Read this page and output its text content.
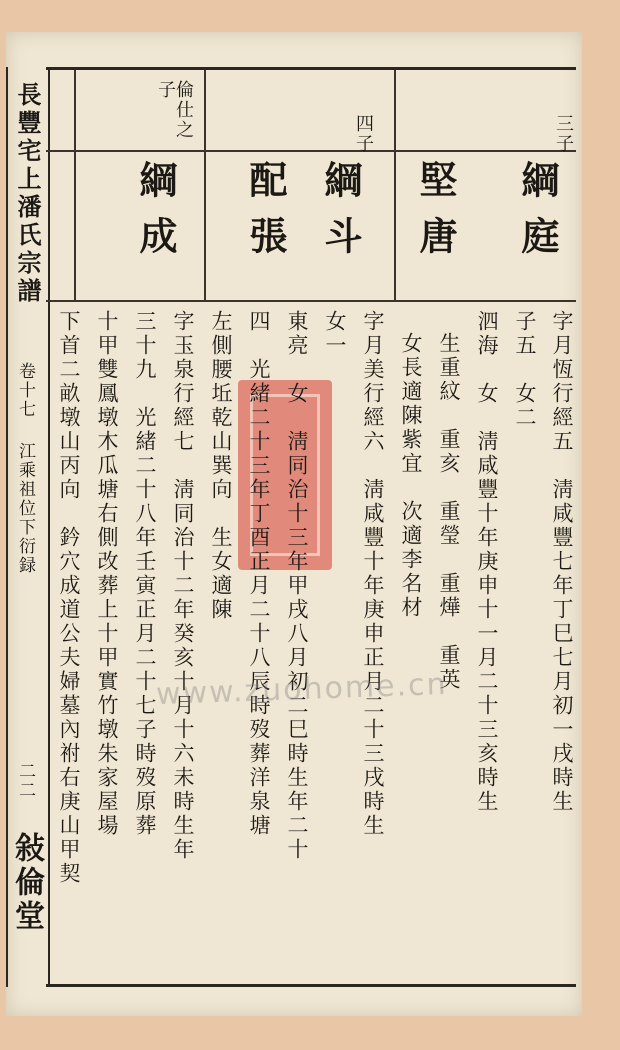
長豐宅上潘氏宗譜
卷十七
江乘祖位下衍録
二二
敍倫堂
三子
四子
倫仕之子
綱庭
堅唐
綱斗
配張
綱成
字月恆行經五　淸咸豐七年丁巳七月初一戌時生
子五　女二
泗海　女　淸咸豐十年庚申十一月二十三亥時生
生重紋　重亥　重瑩　重燁　重英
女長適陳紫宜　次適李名材
字月美行經六　淸咸豐十年庚申正月二十三戌時生
女一
東亮　女　淸同治十三年甲戌八月初二巳時生年二十
四　光緒二十三年丁酉正月二十八辰時歿葬洋泉塘
左側腰坵乾山巽向　生女適陳
字玉泉行經七　淸同治十二年癸亥十月十六未時生年
三十九　光緒二十八年壬寅正月二十七子時歿原葬
十甲雙鳳墩木瓜塘右側改葬上十甲實竹墩朱家屋場
下首二畝墩山丙向　鈐穴成道公夫婦墓內祔右庚山甲契 www.zuohome.cn
